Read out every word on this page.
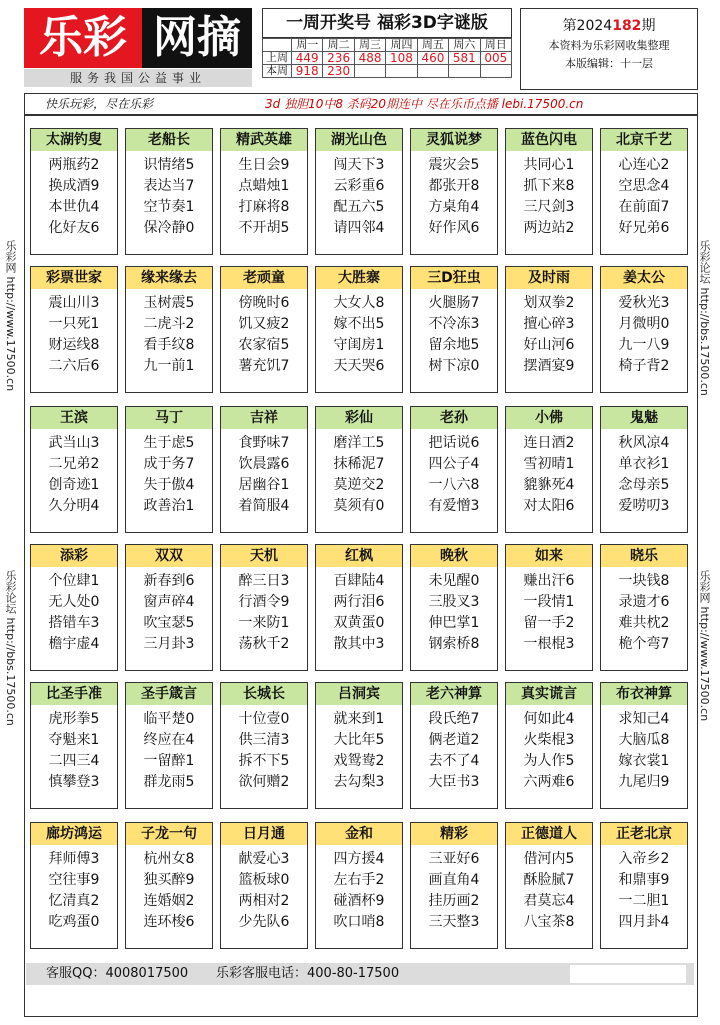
乐彩 网摘
服务我国公益事业
一周开奖号 福彩3D字谜版
	周一	周二	周三	周四	周五	周六	周日
上周	449	236	488	108	460	581	005
本周	918	230					
第2024182期
本资料为乐彩网收集整理
本版编辑：十一层
快乐玩彩，尽在乐彩	3d 独胆10中8 杀码20期连中 尽在乐币点播 lebi.17500.cn
乐彩网 http://www.17500.cn
乐彩论坛 http://bbs.17500.cn
乐彩论坛 http://bbs.17500.cn
乐彩网 http://www.17500.cn
太湖钓叟
两瓶药2
换成酒9
本世仇4
化好友6
老船长
识情绪5
表达当7
空节奏1
保冷静0
精武英雄
生日会9
点蜡烛1
打麻将8
不开胡5
湖光山色
闯天下3
云彩重6
配五六5
请四邻4
灵狐说梦
震灾会5
都张开8
方桌角4
好作风6
蓝色闪电
共同心1
抓下来8
三尺剑3
两边站2
北京千艺
心连心2
空思念4
在前面7
好兄弟6
彩票世家
震山川3
一只死1
财运线8
二六后6
缘来缘去
玉树震5
二虎斗2
看手纹8
九一前1
老顽童
傍晚时6
饥又疲2
农家宿5
薯充饥7
大胜寨
大女人8
嫁不出5
守闺房1
天天哭6
三D狂虫
火腿肠7
不冷冻3
留余地5
树下凉0
及时雨
划双拳2
擅心碎3
好山河6
摆酒宴9
姜太公
爱秋光3
月微明0
九一八9
椅子背2
王滨
武当山3
二兄弟2
创奇迹1
久分明4
马丁
生于虑5
成于务7
失于傲4
政善治1
吉祥
食野味7
饮晨露6
居幽谷1
着简服4
彩仙
磨洋工5
抹稀泥7
莫逆交2
莫须有0
老孙
把话说6
四公子4
一八六8
有爱憎3
小佛
连日酒2
雪初晴1
貔貅死4
对太阳6
鬼魅
秋风凉4
单衣衫1
念母亲5
爱唠叨3
添彩
个位肆1
无人处0
搭错车3
檐宇虚4
双双
新春到6
窗声碎4
吹宝瑟5
三月卦3
天机
醉三日3
行酒令9
一来防1
荡秋千2
红枫
百肆陆4
两行泪6
双黄蛋0
散其中3
晚秋
未见醒0
三股叉3
伸巴掌1
钢索桥8
如来
赚出汗6
一段情1
留一手2
一根棍3
晓乐
一块钱8
录遗才6
难共枕2
桅个弯7
比圣手准
虎形拳5
夺魁来1
二四三4
慎攀登3
圣手箴言
临平楚0
终应在4
一留醉1
群龙雨5
长城长
十位壹0
供三清3
拆不下5
欲何赠2
吕洞宾
就来到1
大比年5
戏鸳鸯2
去勾梨3
老六神算
段氏绝7
俩老道2
去不了4
大臣书3
真实谎言
何如此4
火柴棍3
为人作5
六两难6
布衣神算
求知己4
大脑瓜8
嫁衣裳1
九尾归9
廊坊鸿运
拜师傅3
空往事9
忆清真2
吃鸡蛋0
子龙一句
杭州女8
独买醉9
连婚姻2
连环梭6
日月通
献爱心3
篮板球0
两相对2
少先队6
金和
四方援4
左右手2
碰酒杯9
吹口哨8
精彩
三亚好6
画直角4
挂历画2
三天整3
正德道人
借河内5
酥脸腻7
君莫忘4
八宝茶8
正老北京
入帝乡2
和鼎事9
一二胆1
四月卦4
客服QQ：4008017500 乐彩客服电话：400-80-17500
